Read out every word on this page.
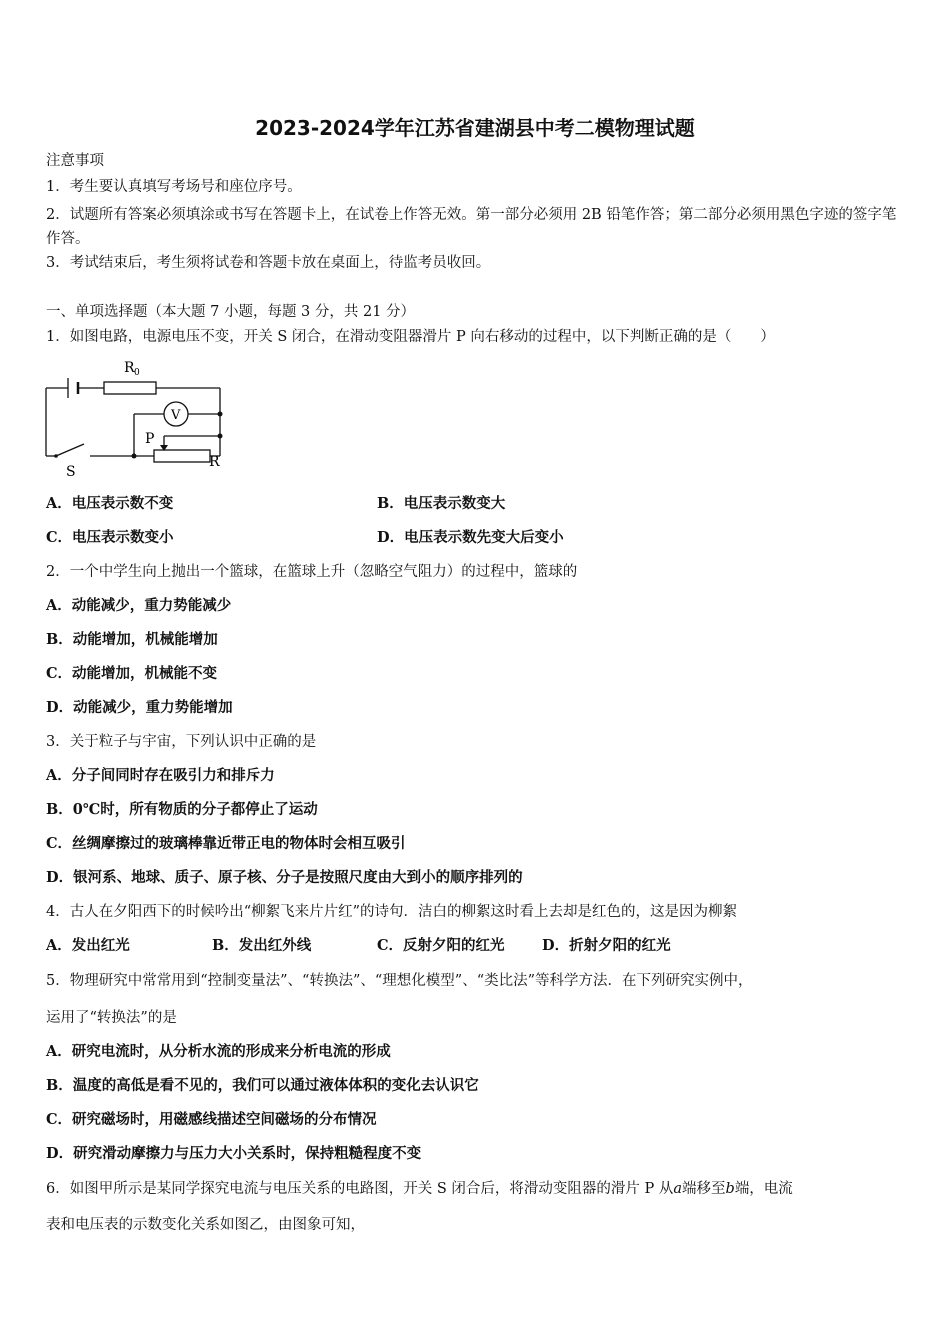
2023-2024学年江苏省建湖县中考二模物理试题
注意事项
1．考生要认真填写考场号和座位序号。
2．试题所有答案必须填涂或书写在答题卡上，在试卷上作答无效。第一部分必须用 2B 铅笔作答；第二部分必须用黑色字迹的签字笔作答。
3．考试结束后，考生须将试卷和答题卡放在桌面上，待监考员收回。
一、单项选择题（本大题 7 小题，每题 3 分，共 21 分）
1．如图电路，电源电压不变，开关 S 闭合，在滑动变阻器滑片 P 向右移动的过程中，以下判断正确的是（　　）
R 0
V
P
R
S
A．电压表示数不变	B．电压表示数变大
C．电压表示数变小	D．电压表示数先变大后变小
2．一个中学生向上抛出一个篮球，在篮球上升（忽略空气阻力）的过程中，篮球的
A．动能减少，重力势能减少
B．动能增加，机械能增加
C．动能增加，机械能不变
D．动能减少，重力势能增加
3．关于粒子与宇宙，下列认识中正确的是
A．分子间同时存在吸引力和排斥力
B．0℃时，所有物质的分子都停止了运动
C．丝绸摩擦过的玻璃棒靠近带正电的物体时会相互吸引
D．银河系、地球、质子、原子核、分子是按照尺度由大到小的顺序排列的
4．古人在夕阳西下的时候吟出“柳絮飞来片片红”的诗句．洁白的柳絮这时看上去却是红色的，这是因为柳絮
A．发出红光	B．发出红外线	C．反射夕阳的红光	D．折射夕阳的红光
5．物理研究中常常用到“控制变量法”、“转换法”、“理想化模型”、“类比法”等科学方法．在下列研究实例中，
运用了“转换法”的是
A．研究电流时，从分析水流的形成来分析电流的形成
B．温度的高低是看不见的，我们可以通过液体体积的变化去认识它
C．研究磁场时，用磁感线描述空间磁场的分布情况
D．研究滑动摩擦力与压力大小关系时，保持粗糙程度不变
6．如图甲所示是某同学探究电流与电压关系的电路图，开关 S 闭合后，将滑动变阻器的滑片 P 从a端移至b端，电流
表和电压表的示数变化关系如图乙，由图象可知，
